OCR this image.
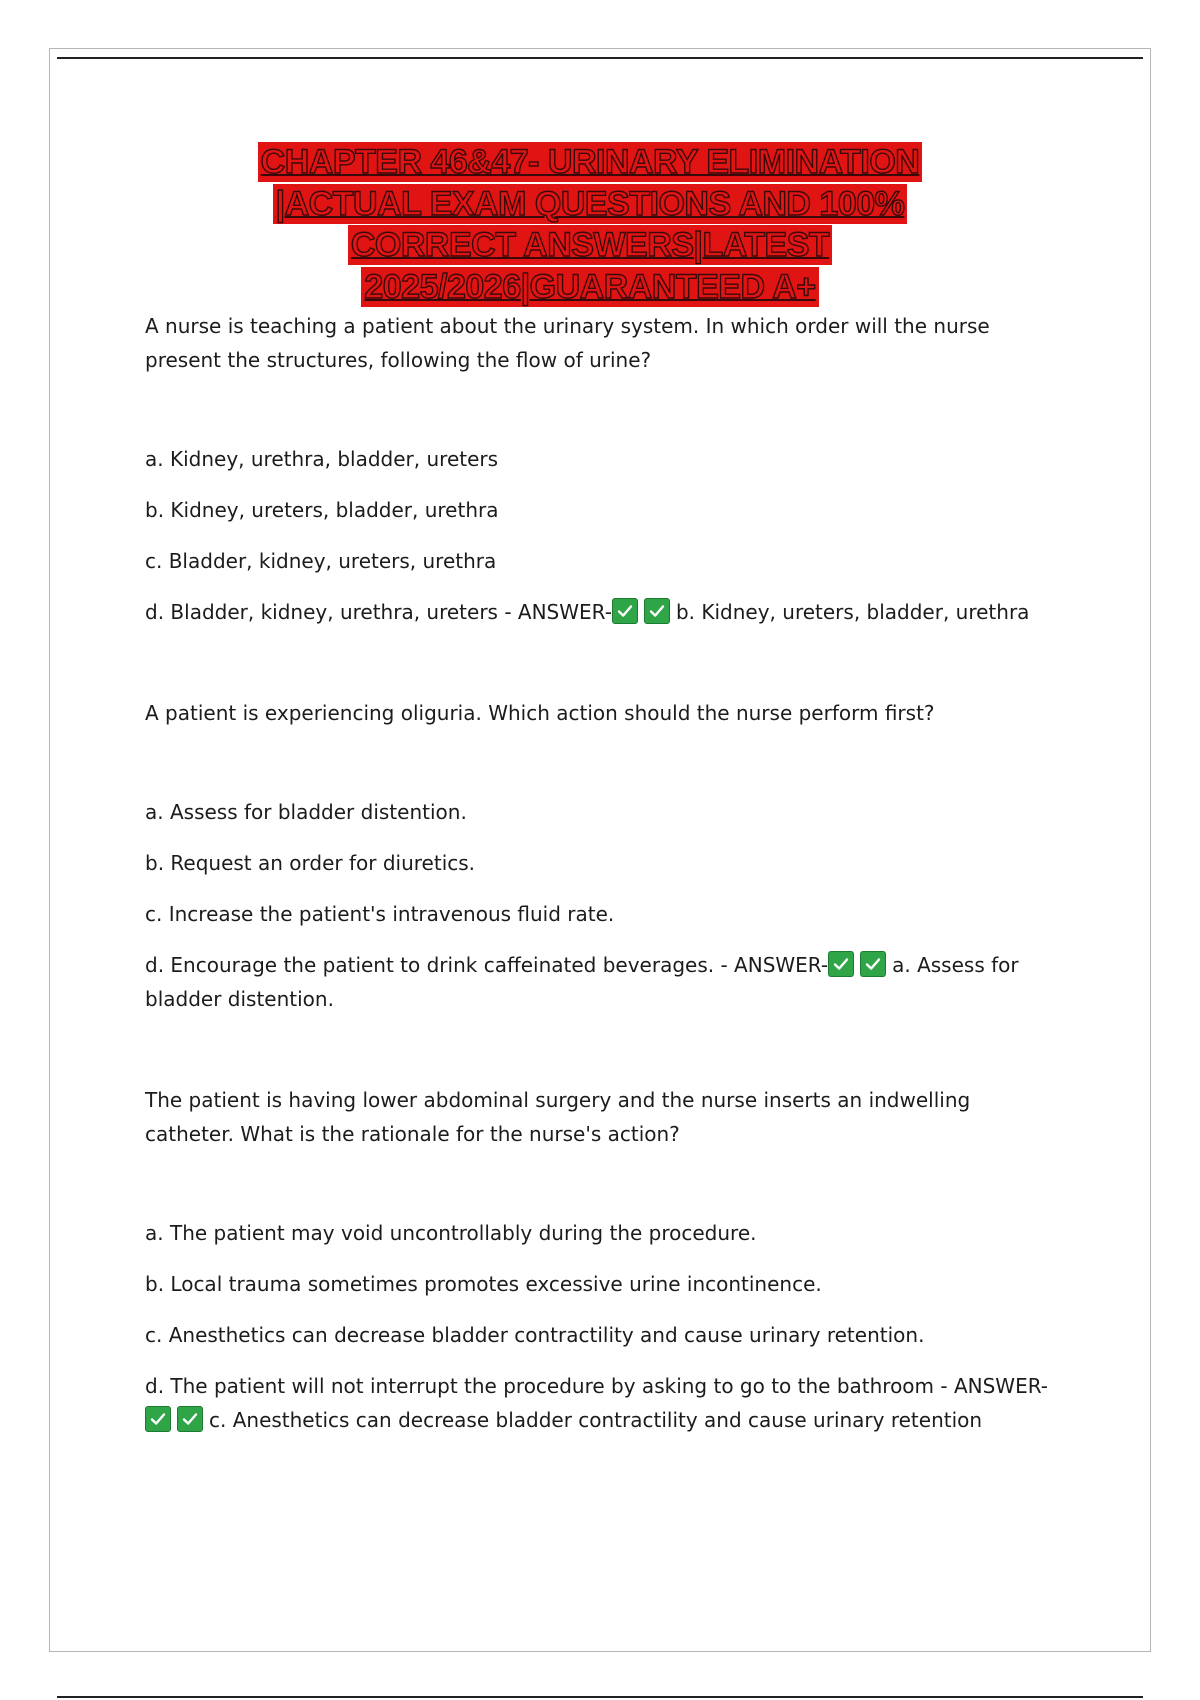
CHAPTER 46&47- URINARY ELIMINATION
|ACTUAL EXAM QUESTIONS AND 100%
CORRECT ANSWERS|LATEST
2025/2026|GUARANTEED A+

A nurse is teaching a patient about the urinary system. In which order will the nurse present the structures, following the flow of urine?

a. Kidney, urethra, bladder, ureters

b. Kidney, ureters, bladder, urethra

c. Bladder, kidney, ureters, urethra

d. Bladder, kidney, urethra, ureters - ANSWER-	b. Kidney, ureters, bladder, urethra

A patient is experiencing oliguria. Which action should the nurse perform first?

a. Assess for bladder distention.

b. Request an order for diuretics.

c. Increase the patient's intravenous fluid rate.

d. Encourage the patient to drink caffeinated beverages. - ANSWER-	a. Assess for bladder distention.

The patient is having lower abdominal surgery and the nurse inserts an indwelling catheter. What is the rationale for the nurse's action?

a. The patient may void uncontrollably during the procedure.

b. Local trauma sometimes promotes excessive urine incontinence.

c. Anesthetics can decrease bladder contractility and cause urinary retention.

d. The patient will not interrupt the procedure by asking to go to the bathroom - ANSWER-
c. Anesthetics can decrease bladder contractility and cause urinary retention
